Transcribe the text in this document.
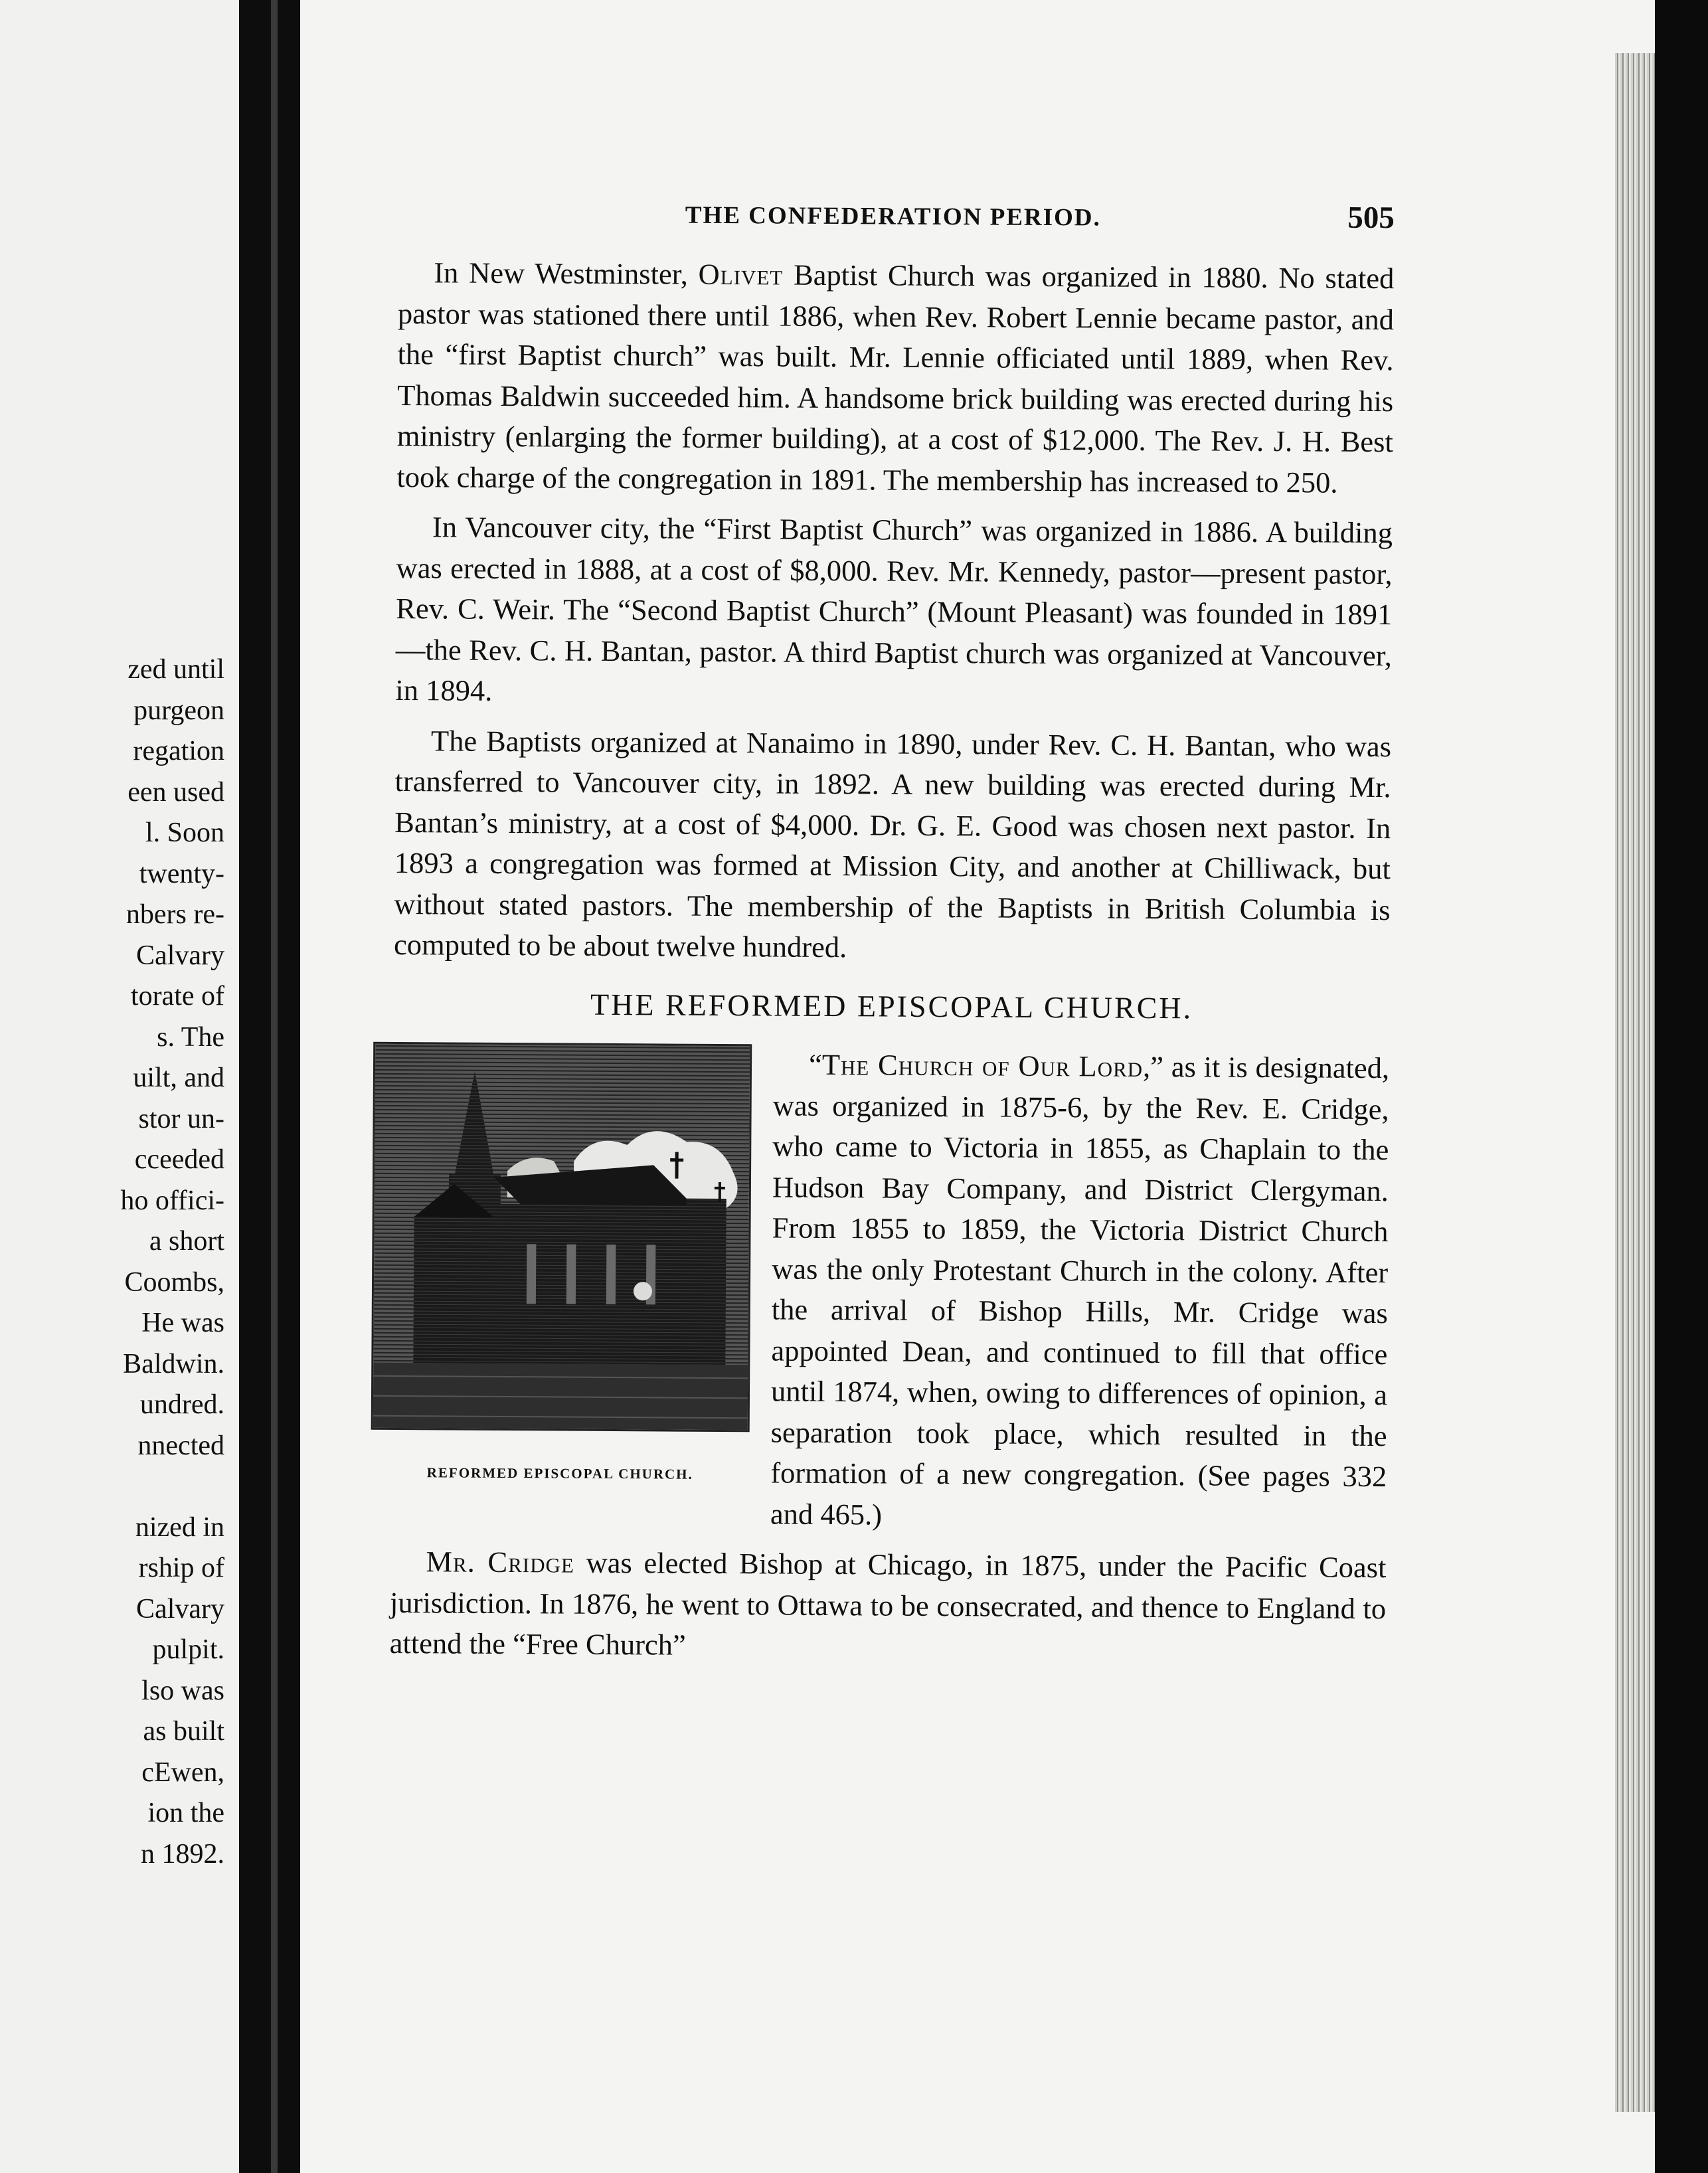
zed until
purgeon
regation
een used
l. Soon
twenty-
nbers re-
Calvary
torate of
s. The
uilt, and
stor un-
cceeded
ho offici-
a short
Coombs,
He was
Baldwin.
undred.
nnected
nized in
rship of
Calvary
pulpit.
lso was
as built
cEwen,
ion the
n 1892.
THE CONFEDERATION PERIOD.	505

In New Westminster, Olivet Baptist Church was organized in 1880. No stated pastor was stationed there until 1886, when Rev. Robert Lennie became pastor, and the “first Baptist church” was built. Mr. Lennie officiated until 1889, when Rev. Thomas Baldwin succeeded him. A handsome brick building was erected during his ministry (enlarging the former building), at a cost of $12,000. The Rev. J. H. Best took charge of the congregation in 1891. The membership has increased to 250.

In Vancouver city, the “First Baptist Church” was organized in 1886. A building was erected in 1888, at a cost of $8,000. Rev. Mr. Kennedy, pastor—present pastor, Rev. C. Weir. The “Second Baptist Church” (Mount Pleasant) was founded in 1891—the Rev. C. H. Bantan, pastor. A third Baptist church was organized at Vancouver, in 1894.

The Baptists organized at Nanaimo in 1890, under Rev. C. H. Bantan, who was transferred to Vancouver city, in 1892. A new building was erected during Mr. Bantan’s ministry, at a cost of $4,000. Dr. G. E. Good was chosen next pastor. In 1893 a congregation was formed at Mission City, and another at Chilliwack, but without stated pastors. The membership of the Baptists in British Columbia is computed to be about twelve hundred.

THE REFORMED EPISCOPAL CHURCH.
REFORMED EPISCOPAL CHURCH.

“The Church of Our Lord,” as it is designated, was organized in 1875-6, by the Rev. E. Cridge, who came to Victoria in 1855, as Chaplain to the Hudson Bay Company, and District Clergyman. From 1855 to 1859, the Victoria District Church was the only Protestant Church in the colony. After the arrival of Bishop Hills, Mr. Cridge was appointed Dean, and continued to fill that office until 1874, when, owing to differences of opinion, a separation took place, which resulted in the formation of a new congregation. (See pages 332 and 465.)

Mr. Cridge was elected Bishop at Chicago, in 1875, under the Pacific Coast jurisdiction. In 1876, he went to Ottawa to be consecrated, and thence to England to attend the “Free Church”
